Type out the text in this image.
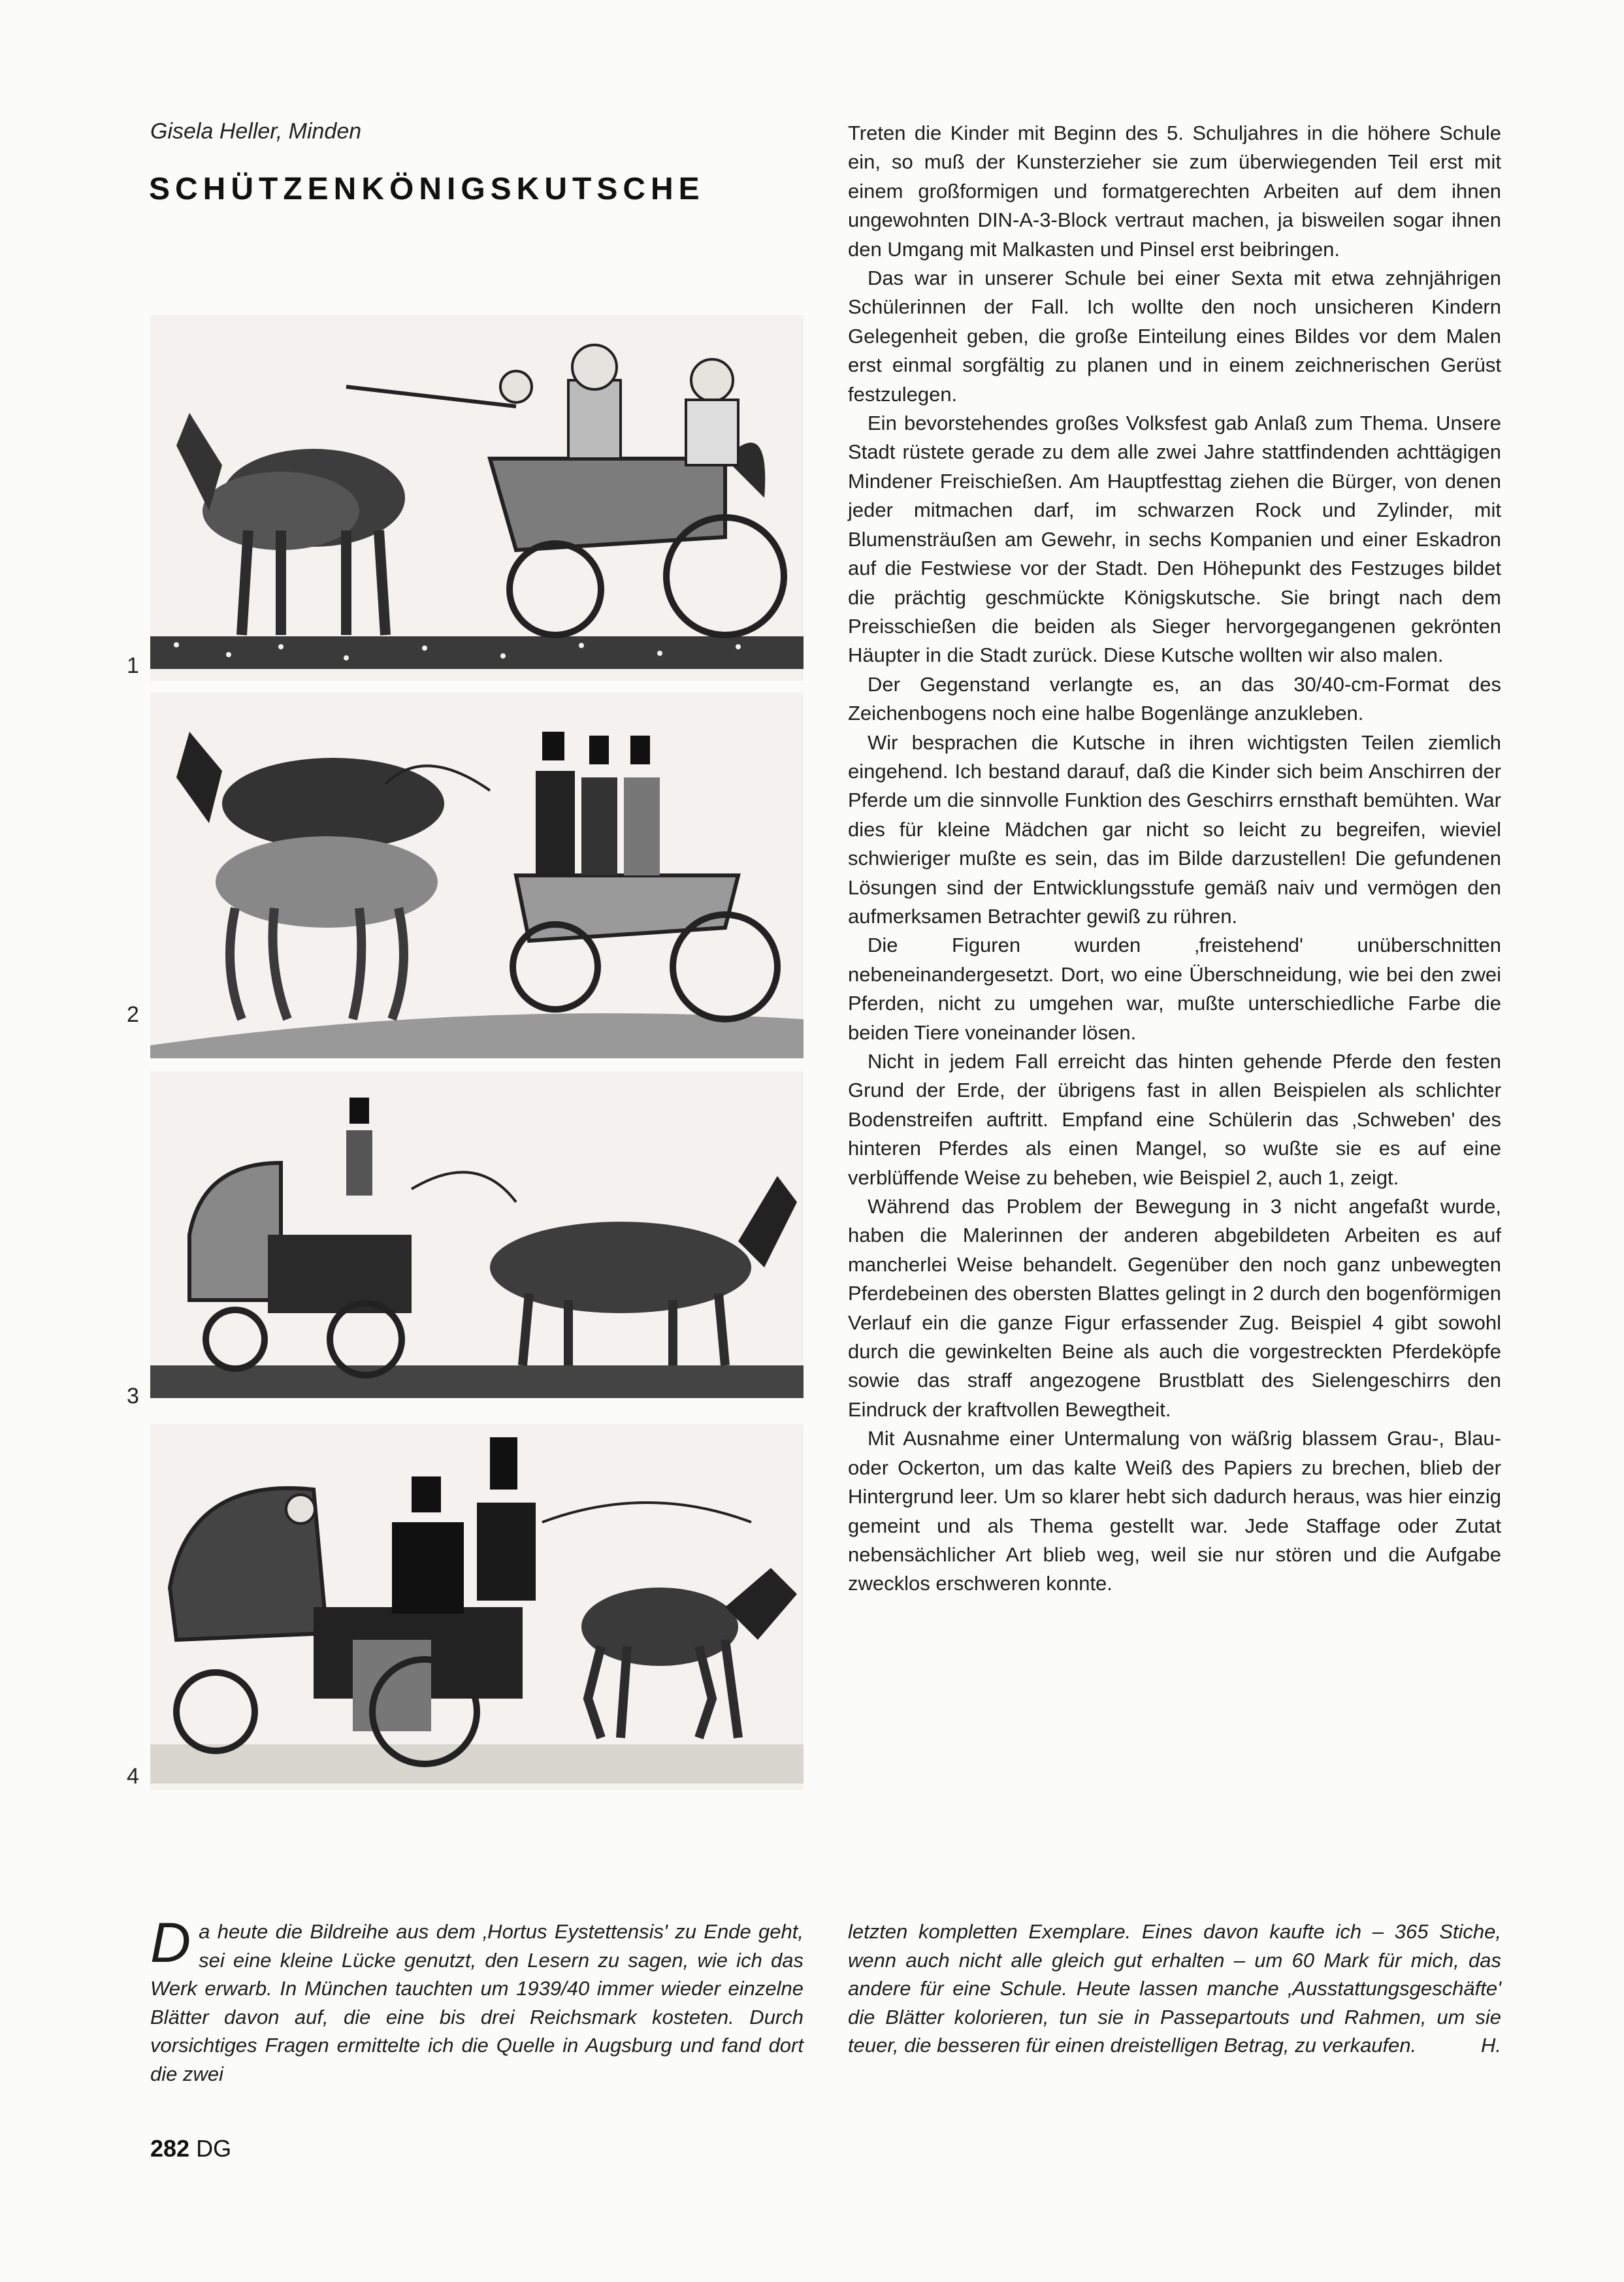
Gisela Heller, Minden
SCHÜTZENKÖNIGSKUTSCHE
1
2
3
4

Treten die Kinder mit Beginn des 5. Schuljahres in die höhere Schule ein, so muß der Kunsterzieher sie zum überwiegenden Teil erst mit einem großformigen und formatgerechten Arbeiten auf dem ihnen ungewohnten DIN-A-3-Block vertraut machen, ja bisweilen sogar ihnen den Umgang mit Malkasten und Pinsel erst beibringen.

Das war in unserer Schule bei einer Sexta mit etwa zehnjährigen Schülerinnen der Fall. Ich wollte den noch unsicheren Kindern Gelegenheit geben, die große Einteilung eines Bildes vor dem Malen erst einmal sorgfältig zu planen und in einem zeichnerischen Gerüst festzulegen.

Ein bevorstehendes großes Volksfest gab Anlaß zum Thema. Unsere Stadt rüstete gerade zu dem alle zwei Jahre stattfindenden achttägigen Mindener Freischießen. Am Hauptfesttag ziehen die Bürger, von denen jeder mitmachen darf, im schwarzen Rock und Zylinder, mit Blumensträußen am Gewehr, in sechs Kompanien und einer Eskadron auf die Festwiese vor der Stadt. Den Höhepunkt des Festzuges bildet die prächtig geschmückte Königskutsche. Sie bringt nach dem Preisschießen die beiden als Sieger hervorgegangenen gekrönten Häupter in die Stadt zurück. Diese Kutsche wollten wir also malen.

Der Gegenstand verlangte es, an das 30/40-cm-Format des Zeichenbogens noch eine halbe Bogenlänge anzukleben.

Wir besprachen die Kutsche in ihren wichtigsten Teilen ziemlich eingehend. Ich bestand darauf, daß die Kinder sich beim Anschirren der Pferde um die sinnvolle Funktion des Geschirrs ernsthaft bemühten. War dies für kleine Mädchen gar nicht so leicht zu begreifen, wieviel schwieriger mußte es sein, das im Bilde darzustellen! Die gefundenen Lösungen sind der Entwicklungsstufe gemäß naiv und vermögen den aufmerksamen Betrachter gewiß zu rühren.

Die Figuren wurden ‚freistehend' unüberschnitten nebeneinandergesetzt. Dort, wo eine Überschneidung, wie bei den zwei Pferden, nicht zu umgehen war, mußte unterschiedliche Farbe die beiden Tiere voneinander lösen.

Nicht in jedem Fall erreicht das hinten gehende Pferde den festen Grund der Erde, der übrigens fast in allen Beispielen als schlichter Bodenstreifen auftritt. Empfand eine Schülerin das ‚Schweben' des hinteren Pferdes als einen Mangel, so wußte sie es auf eine verblüffende Weise zu beheben, wie Beispiel 2, auch 1, zeigt.

Während das Problem der Bewegung in 3 nicht angefaßt wurde, haben die Malerinnen der anderen abgebildeten Arbeiten es auf mancherlei Weise behandelt. Gegenüber den noch ganz unbewegten Pferdebeinen des obersten Blattes gelingt in 2 durch den bogenförmigen Verlauf ein die ganze Figur erfassender Zug. Beispiel 4 gibt sowohl durch die gewinkelten Beine als auch die vorgestreckten Pferdeköpfe sowie das straff angezogene Brustblatt des Sielengeschirrs den Eindruck der kraftvollen Bewegtheit.

Mit Ausnahme einer Untermalung von wäßrig blassem Grau-, Blau- oder Ockerton, um das kalte Weiß des Papiers zu brechen, blieb der Hintergrund leer. Um so klarer hebt sich dadurch heraus, was hier einzig gemeint und als Thema gestellt war. Jede Staffage oder Zutat nebensächlicher Art blieb weg, weil sie nur stören und die Aufgabe zwecklos erschweren konnte.

D a heute die Bildreihe aus dem ‚Hortus Eystettensis' zu Ende geht, sei eine kleine Lücke genutzt, den Lesern zu sagen, wie ich das Werk erwarb. In München tauchten um 1939/40 immer wieder einzelne Blätter davon auf, die eine bis drei Reichsmark kosteten. Durch vorsichtiges Fragen ermittelte ich die Quelle in Augsburg und fand dort die zwei
letzten kompletten Exemplare. Eines davon kaufte ich – 365 Stiche, wenn auch nicht alle gleich gut erhalten – um 60 Mark für mich, das andere für eine Schule. Heute lassen manche ‚Ausstattungsgeschäfte' die Blätter kolorieren, tun sie in Passepartouts und Rahmen, um sie teuer, die besseren für einen dreistelligen Betrag, zu verkaufen.	H.
282 DG
